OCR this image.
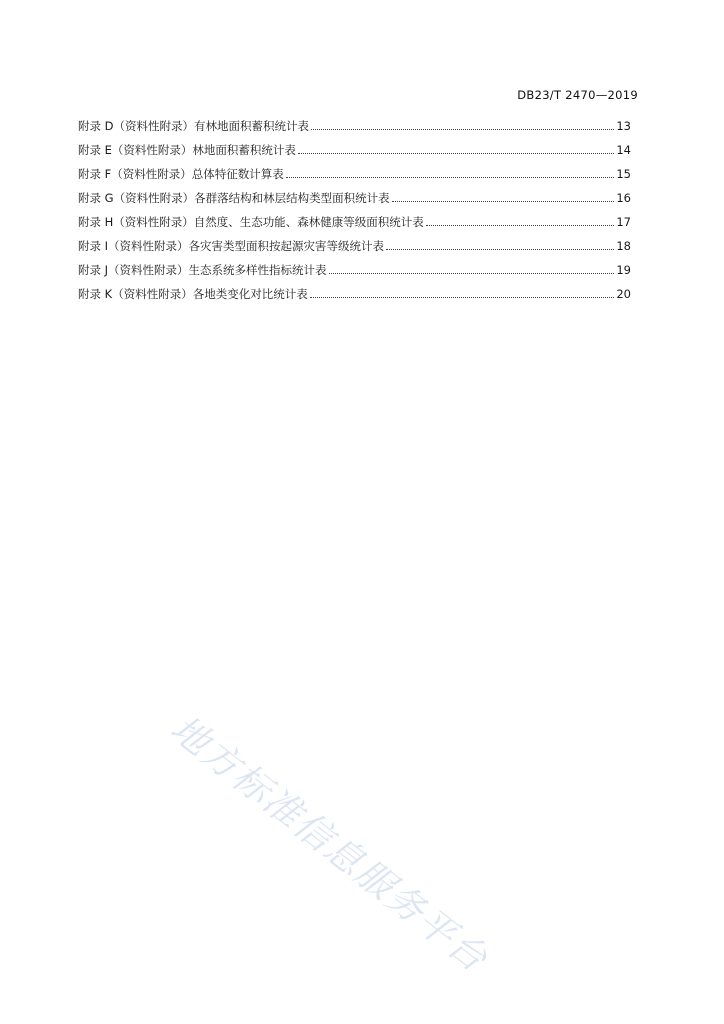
DB23/T 2470—2019
附录 D（资料性附录）有林地面积蓄积统计表	13
附录 E（资料性附录）林地面积蓄积统计表	14
附录 F（资料性附录）总体特征数计算表	15
附录 G（资料性附录）各群落结构和林层结构类型面积统计表	16
附录 H（资料性附录）自然度、生态功能、森林健康等级面积统计表	17
附录 I（资料性附录）各灾害类型面积按起源灾害等级统计表	18
附录 J（资料性附录）生态系统多样性指标统计表	19
附录 K（资料性附录）各地类变化对比统计表	20
地方标准信息服务平台
